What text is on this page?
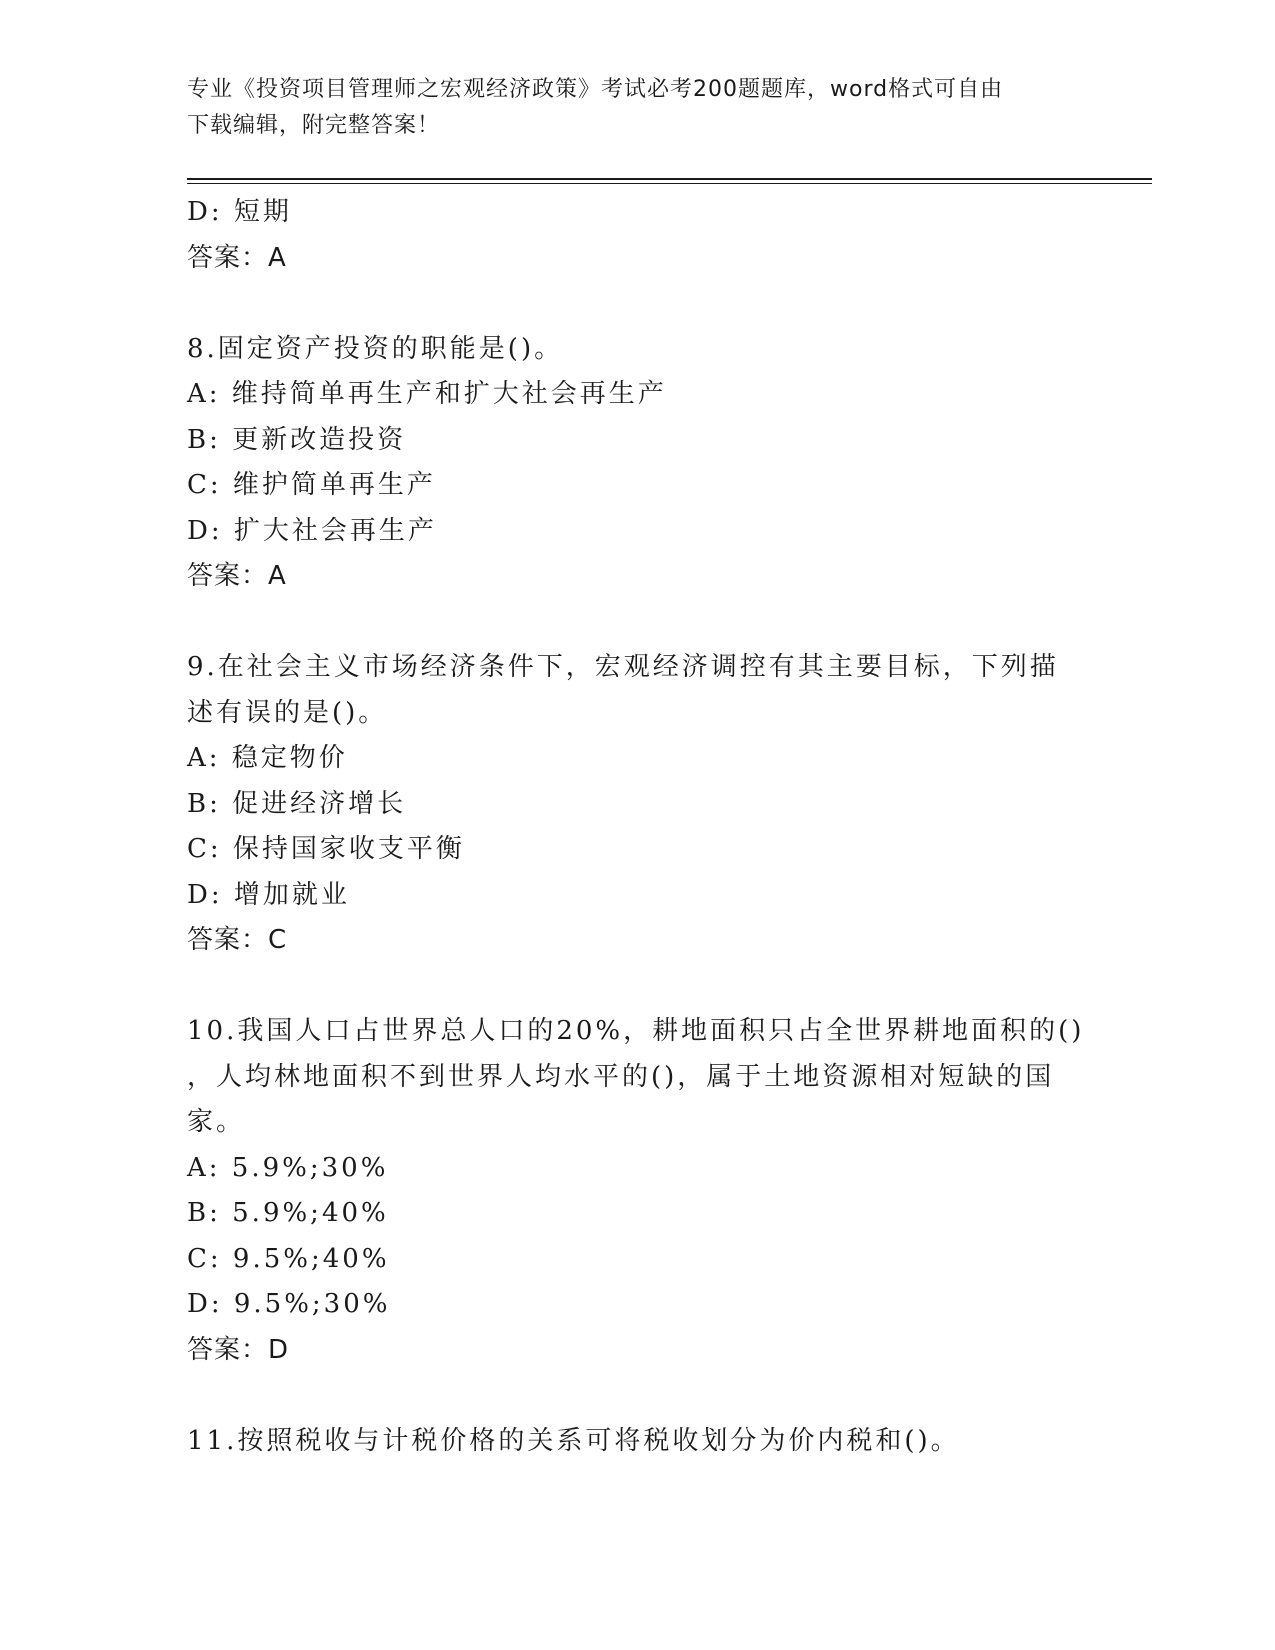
专业《投资项目管理师之宏观经济政策》考试必考200题题库，word格式可自由
下载编辑，附完整答案！
D: 短期
答案：A
8.固定资产投资的职能是()。
A: 维持简单再生产和扩大社会再生产
B: 更新改造投资
C: 维护简单再生产
D: 扩大社会再生产
答案：A
9.在社会主义市场经济条件下，宏观经济调控有其主要目标，下列描
述有误的是()。
A: 稳定物价
B: 促进经济增长
C: 保持国家收支平衡
D: 增加就业
答案：C
10.我国人口占世界总人口的20%，耕地面积只占全世界耕地面积的()
，人均林地面积不到世界人均水平的()，属于土地资源相对短缺的国
家。
A: 5.9%;30%
B: 5.9%;40%
C: 9.5%;40%
D: 9.5%;30%
答案：D
11.按照税收与计税价格的关系可将税收划分为价内税和()。
